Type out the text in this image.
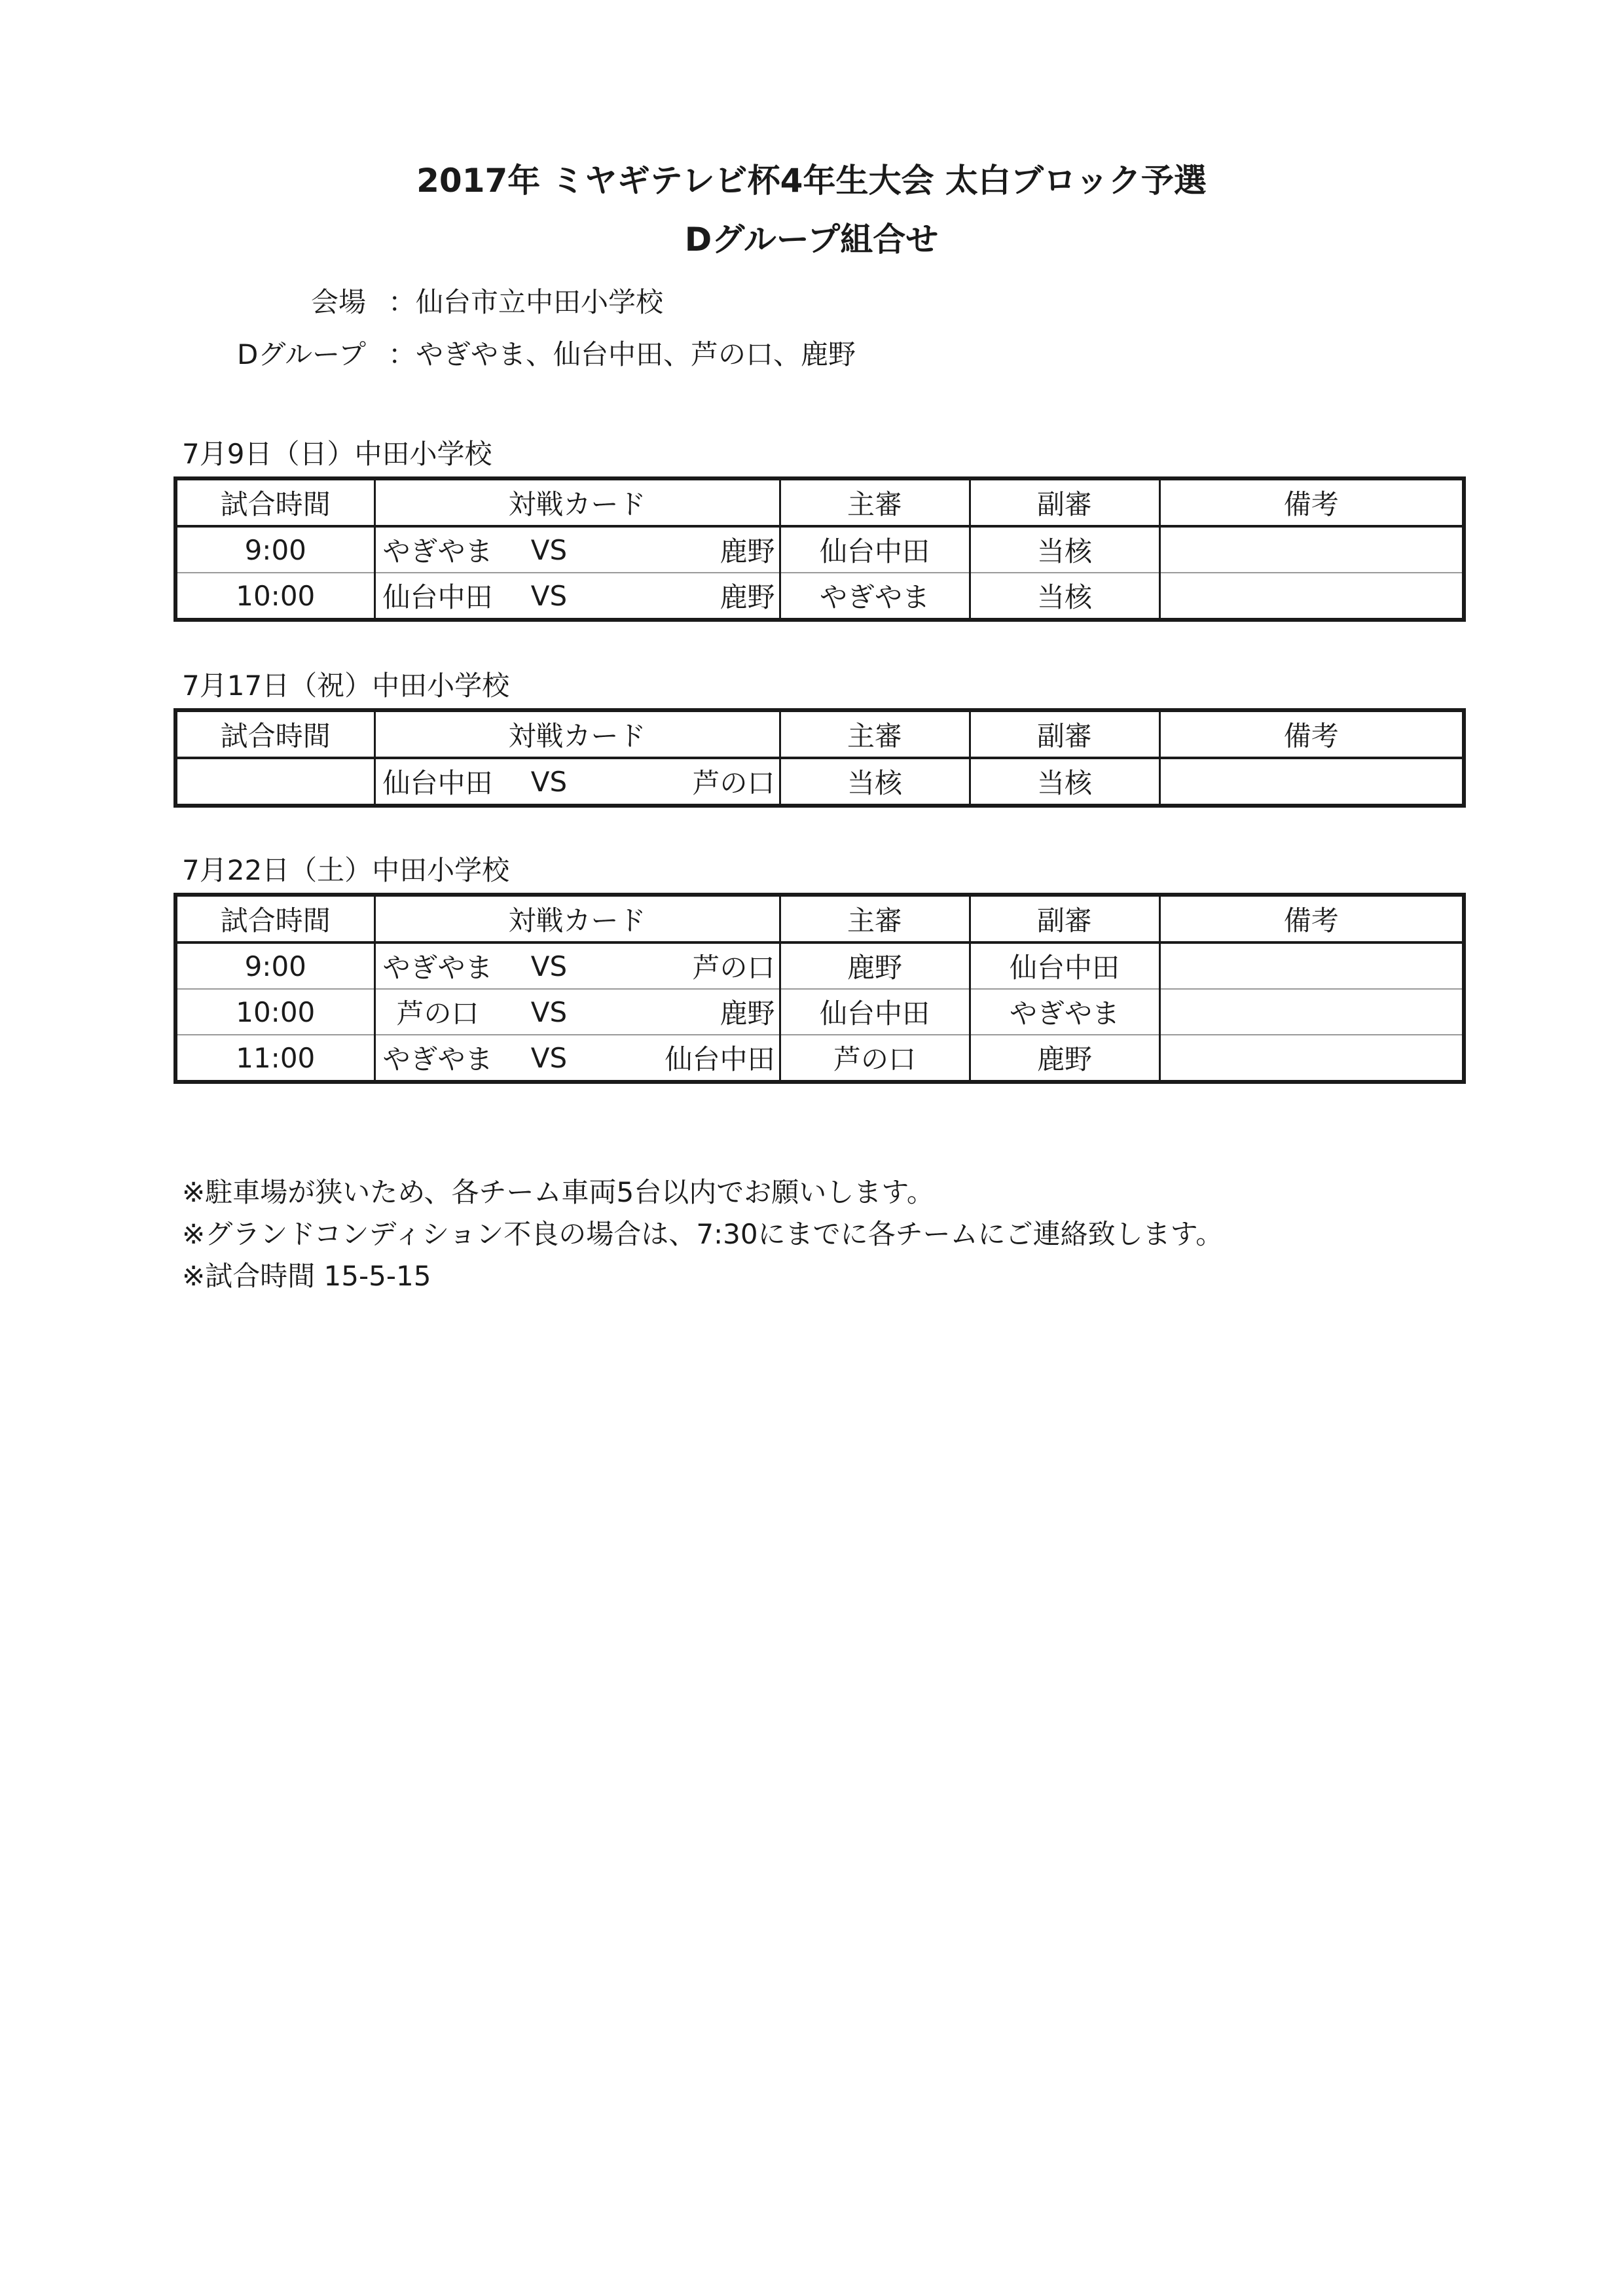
2017年 ミヤギテレビ杯4年生大会 太白ブロック予選
Dグループ組合せ
会場 ：仙台市立中田小学校
Dグループ ：やぎやま、仙台中田、芦の口、鹿野
7月9日（日）中田小学校
試合時間	対戦カード	主審	副審	備考
9:00	やぎやま VS 鹿野	仙台中田	当核	
10:00	仙台中田 VS 鹿野	やぎやま	当核	
7月17日（祝）中田小学校
試合時間	対戦カード	主審	副審	備考

	仙台中田 VS 芦の口	当核	当核	
7月22日（土）中田小学校
試合時間	対戦カード	主審	副審	備考
9:00	やぎやま VS 芦の口	鹿野	仙台中田	
10:00	芦の口 VS 鹿野	仙台中田	やぎやま	
11:00	やぎやま VS 仙台中田	芦の口	鹿野	

※駐車場が狭いため、各チーム車両5台以内でお願いします。

※グランドコンディション不良の場合は、7:30にまでに各チームにご連絡致します。

※試合時間 15-5-15
